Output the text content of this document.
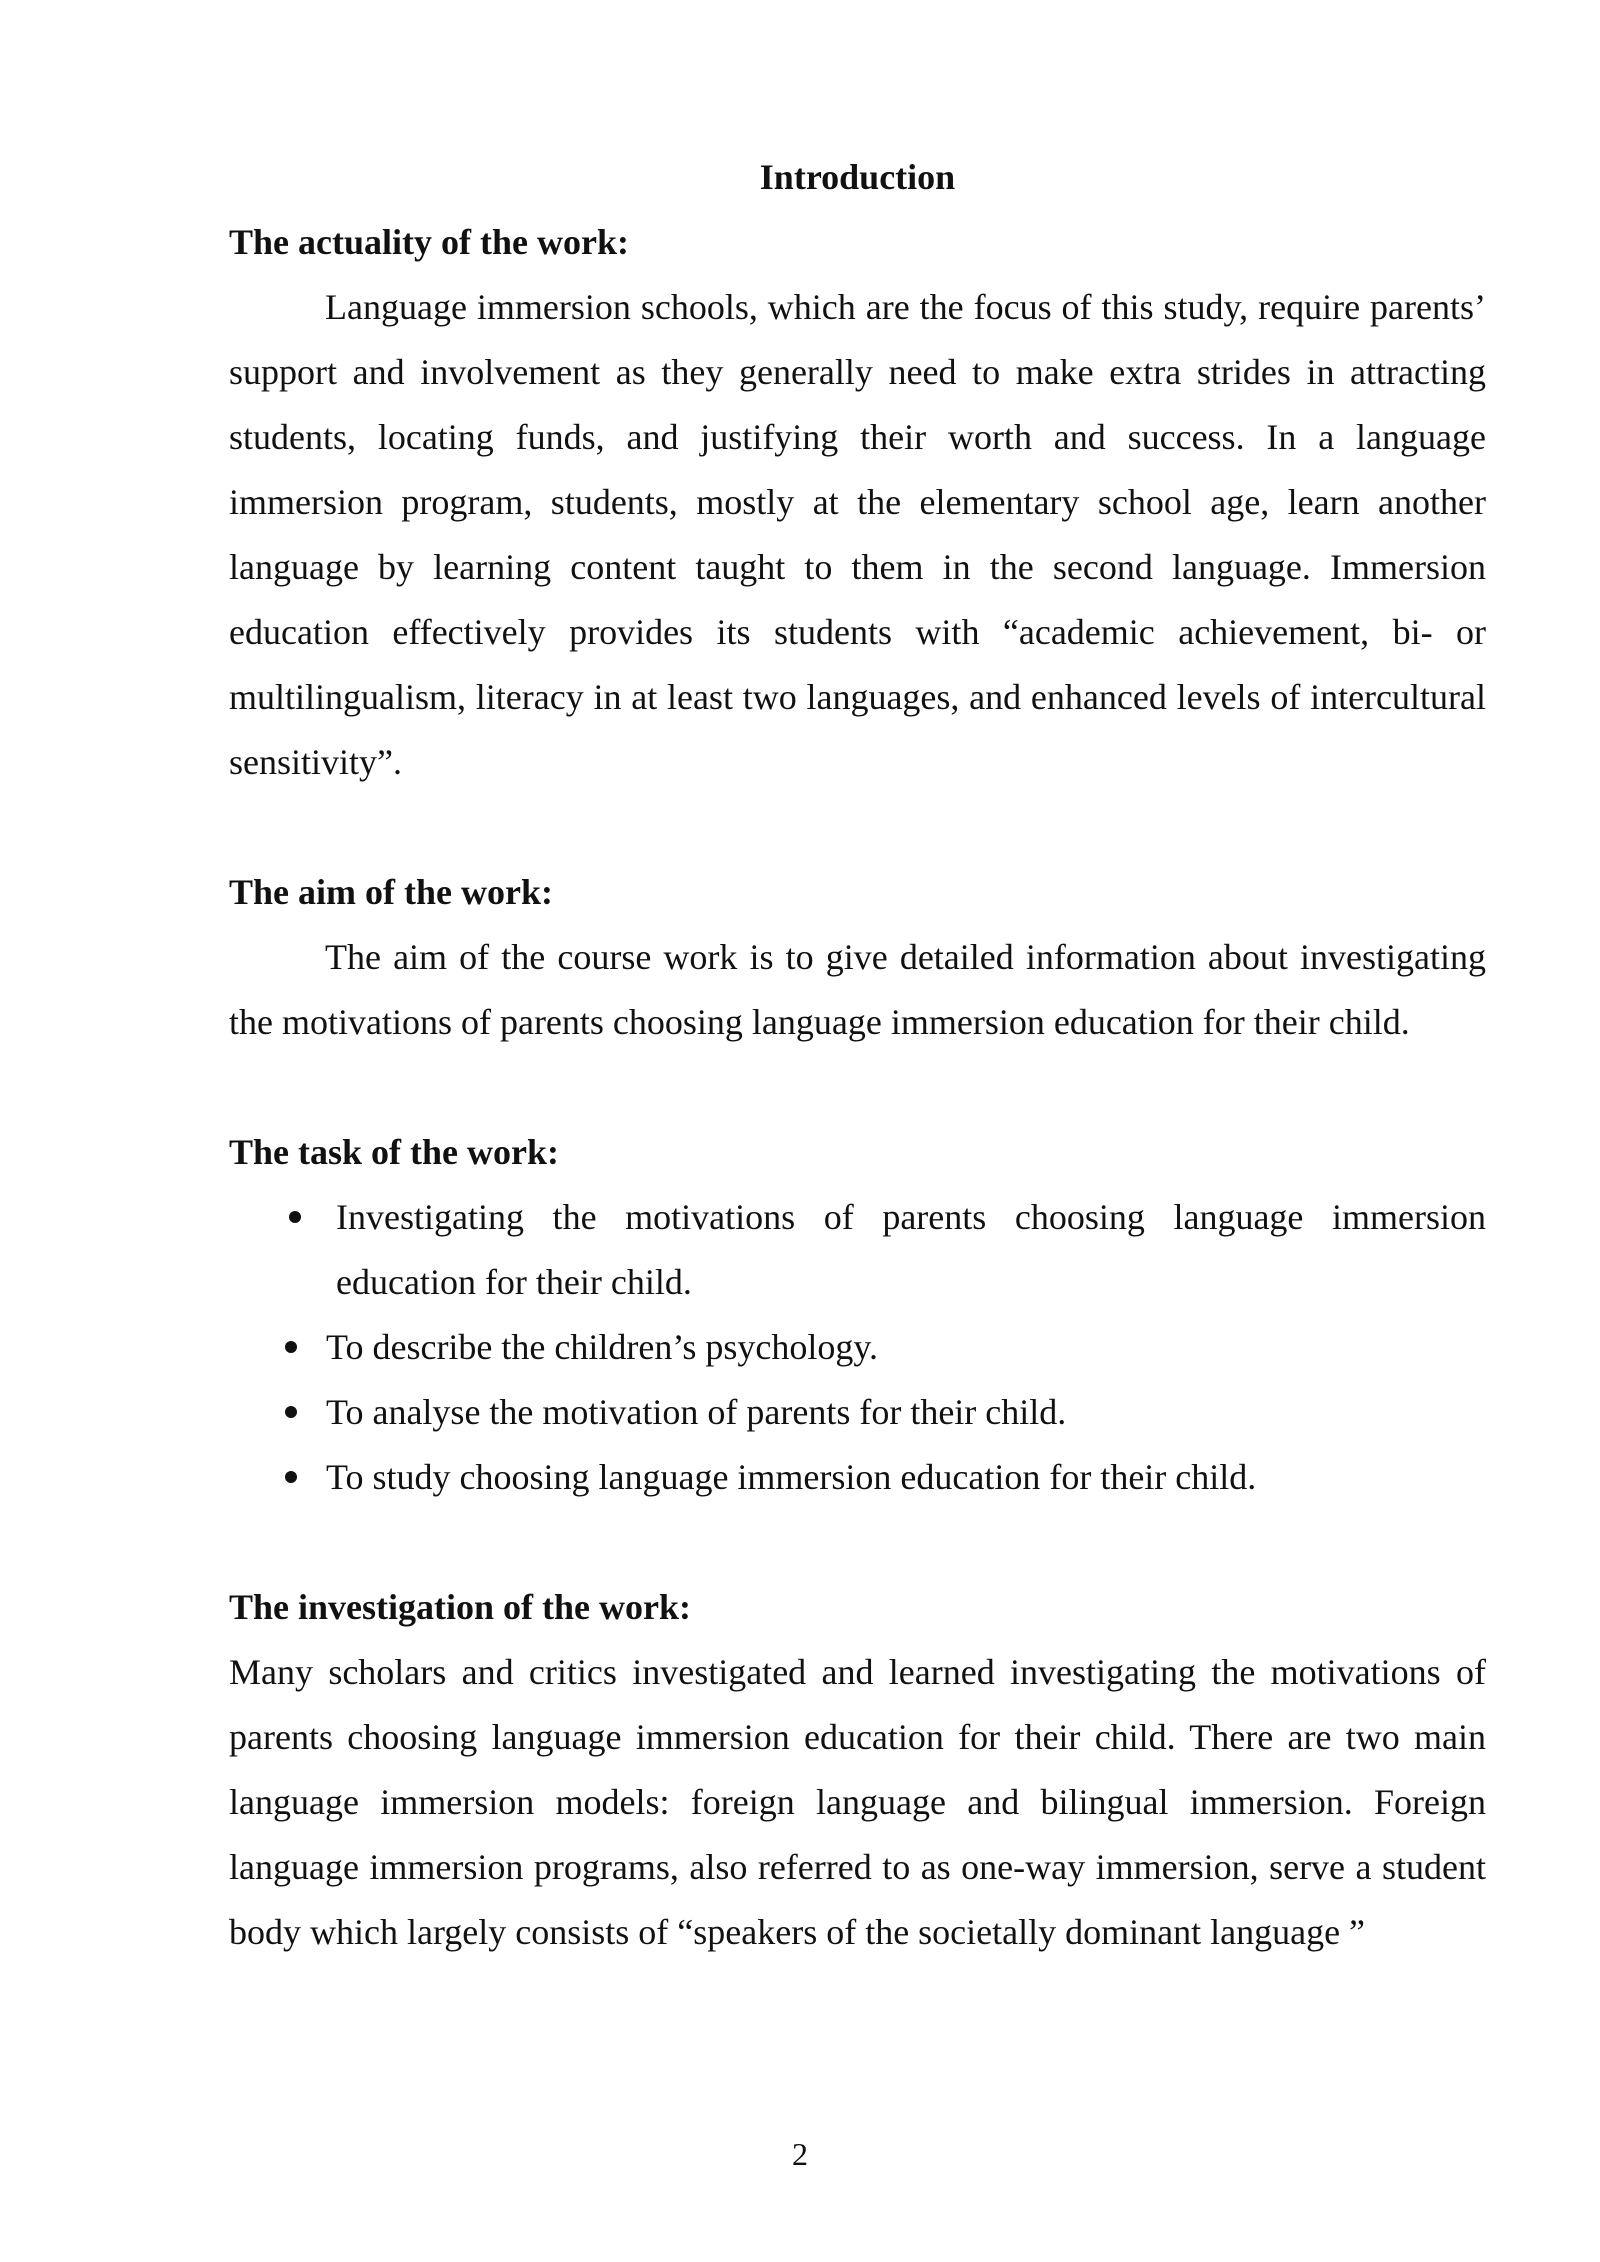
Introduction
The actuality of the work:

Language immersion schools, which are the focus of this study, require parents’ support and involvement as they generally need to make extra strides in attracting students, locating funds, and justifying their worth and success. In a language immersion program, students, mostly at the elementary school age, learn another language by learning content taught to them in the second language. Immersion education effectively provides its students with “academic achievement, bi- or multilingualism, literacy in at least two languages, and enhanced levels of intercultural sensitivity”.

The aim of the work:

The aim of the course work is to give detailed information about investigating the motivations of parents choosing language immersion education for their child.

The task of the work:
Investigating the motivations of parents choosing language immersion education for their child.
To describe the children’s psychology.
To analyse the motivation of parents for their child.
To study choosing language immersion education for their child.
The investigation of the work:

Many scholars and critics investigated and learned investigating the motivations of parents choosing language immersion education for their child. There are two main language immersion models: foreign language and bilingual immersion. Foreign language immersion programs, also referred to as one-way immersion, serve a student body which largely consists of “speakers of the societally dominant language ”

2
